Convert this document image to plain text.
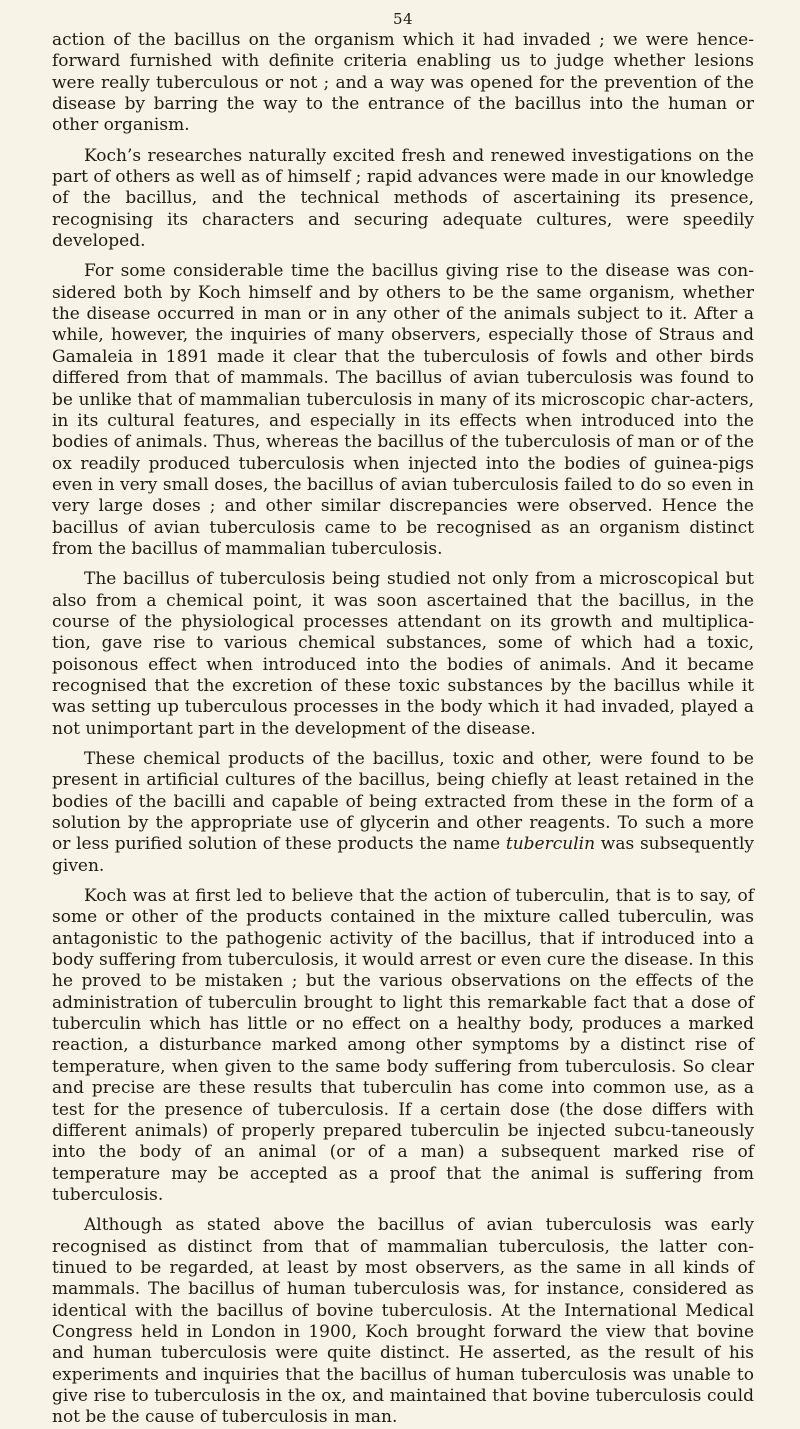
54

action of the bacillus on the organism which it had invaded ; we were hence-forward furnished with definite criteria enabling us to judge whether lesions were really tuberculous or not ; and a way was opened for the prevention of the disease by barring the way to the entrance of the bacillus into the human or other organism.

Koch’s researches naturally excited fresh and renewed investigations on the part of others as well as of himself ; rapid advances were made in our knowledge of the bacillus, and the technical methods of ascertaining its presence, recognising its characters and securing adequate cultures, were speedily developed.

For some considerable time the bacillus giving rise to the disease was con-sidered both by Koch himself and by others to be the same organism, whether the disease occurred in man or in any other of the animals subject to it. After a while, however, the inquiries of many observers, especially those of Straus and Gamaleia in 1891 made it clear that the tuberculosis of fowls and other birds differed from that of mammals. The bacillus of avian tuberculosis was found to be unlike that of mammalian tuberculosis in many of its microscopic char-acters, in its cultural features, and especially in its effects when introduced into the bodies of animals. Thus, whereas the bacillus of the tuberculosis of man or of the ox readily produced tuberculosis when injected into the bodies of guinea-pigs even in very small doses, the bacillus of avian tuberculosis failed to do so even in very large doses ; and other similar discrepancies were observed. Hence the bacillus of avian tuberculosis came to be recognised as an organism distinct from the bacillus of mammalian tuberculosis.

The bacillus of tuberculosis being studied not only from a microscopical but also from a chemical point, it was soon ascertained that the bacillus, in the course of the physiological processes attendant on its growth and multiplica-tion, gave rise to various chemical substances, some of which had a toxic, poisonous effect when introduced into the bodies of animals. And it became recognised that the excretion of these toxic substances by the bacillus while it was setting up tuberculous processes in the body which it had invaded, played a not unimportant part in the development of the disease.

These chemical products of the bacillus, toxic and other, were found to be present in artificial cultures of the bacillus, being chiefly at least retained in the bodies of the bacilli and capable of being extracted from these in the form of a solution by the appropriate use of glycerin and other reagents. To such a more or less purified solution of these products the name tuberculin was subsequently given.

Koch was at first led to believe that the action of tuberculin, that is to say, of some or other of the products contained in the mixture called tuberculin, was antagonistic to the pathogenic activity of the bacillus, that if introduced into a body suffering from tuberculosis, it would arrest or even cure the disease. In this he proved to be mistaken ; but the various observations on the effects of the administration of tuberculin brought to light this remarkable fact that a dose of tuberculin which has little or no effect on a healthy body, produces a marked reaction, a disturbance marked among other symptoms by a distinct rise of temperature, when given to the same body suffering from tuberculosis. So clear and precise are these results that tuberculin has come into common use, as a test for the presence of tuberculosis. If a certain dose (the dose differs with different animals) of properly prepared tuberculin be injected subcu-taneously into the body of an animal (or of a man) a subsequent marked rise of temperature may be accepted as a proof that the animal is suffering from tuberculosis.

Although as stated above the bacillus of avian tuberculosis was early recognised as distinct from that of mammalian tuberculosis, the latter con-tinued to be regarded, at least by most observers, as the same in all kinds of mammals. The bacillus of human tuberculosis was, for instance, considered as identical with the bacillus of bovine tuberculosis. At the International Medical Congress held in London in 1900, Koch brought forward the view that bovine and human tuberculosis were quite distinct. He asserted, as the result of his experiments and inquiries that the bacillus of human tuberculosis was unable to give rise to tuberculosis in the ox, and maintained that bovine tuberculosis could not be the cause of tuberculosis in man.
